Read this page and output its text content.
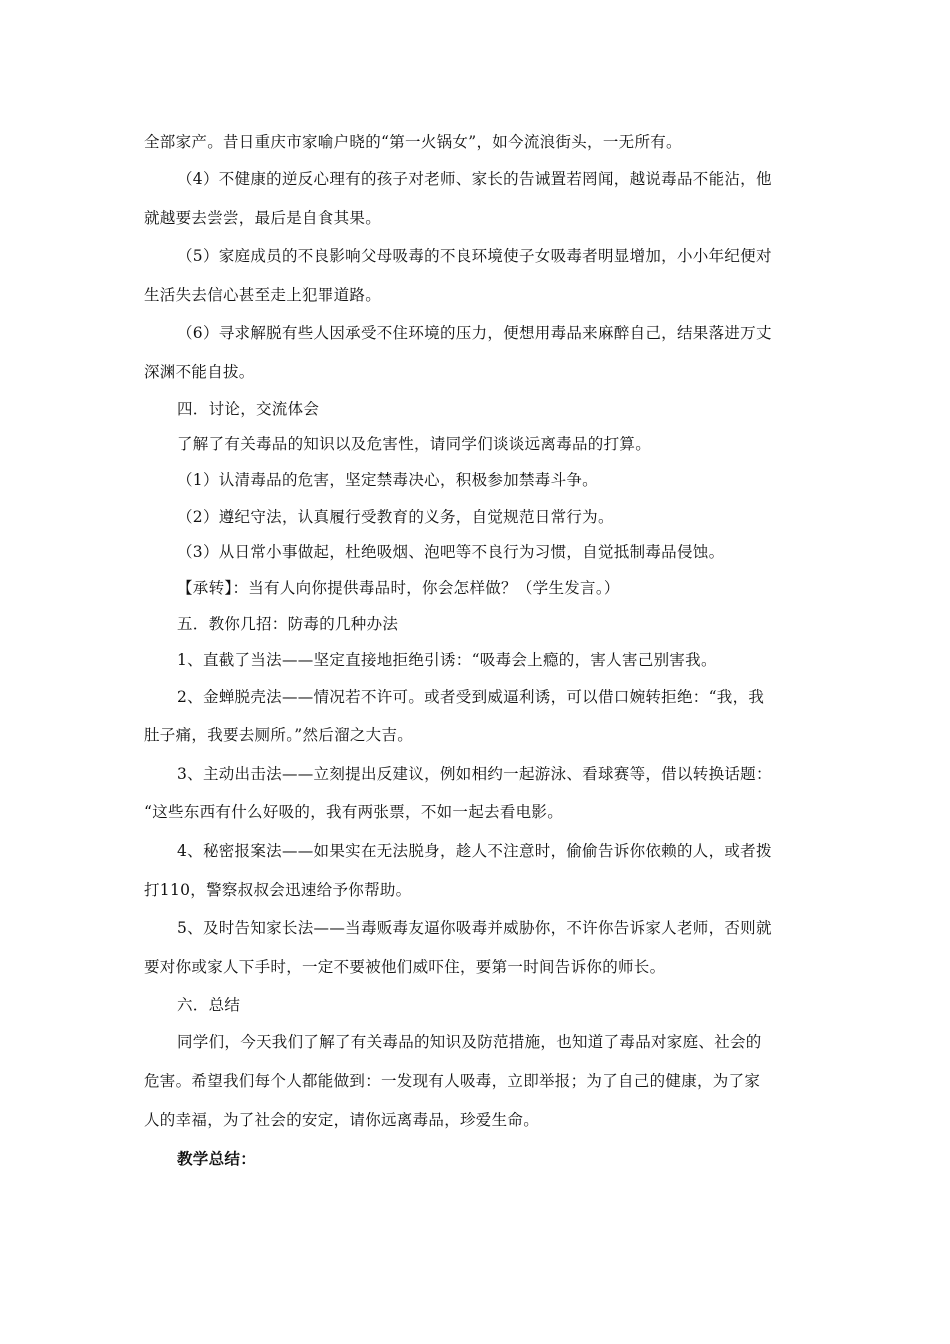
全部家产。昔日重庆市家喻户晓的“第一火锅女”，如今流浪街头，一无所有。
（4）不健康的逆反心理有的孩子对老师、家长的告诫置若罔闻，越说毒品不能沾，他
就越要去尝尝，最后是自食其果。
（5）家庭成员的不良影响父母吸毒的不良环境使子女吸毒者明显增加，小小年纪便对
生活失去信心甚至走上犯罪道路。
（6）寻求解脱有些人因承受不住环境的压力，便想用毒品来麻醉自己，结果落进万丈
深渊不能自拔。
四．讨论，交流体会
了解了有关毒品的知识以及危害性，请同学们谈谈远离毒品的打算。
（1）认清毒品的危害，坚定禁毒决心，积极参加禁毒斗争。
（2）遵纪守法，认真履行受教育的义务，自觉规范日常行为。
（3）从日常小事做起，杜绝吸烟、泡吧等不良行为习惯，自觉抵制毒品侵蚀。
【承转】：当有人向你提供毒品时，你会怎样做？（学生发言。）
五．教你几招：防毒的几种办法
1、直截了当法——坚定直接地拒绝引诱：“吸毒会上瘾的，害人害己别害我。
2、金蝉脱壳法——情况若不许可。或者受到威逼利诱，可以借口婉转拒绝：“我，我
肚子痛，我要去厕所。”然后溜之大吉。
3、主动出击法——立刻提出反建议，例如相约一起游泳、看球赛等，借以转换话题：
“这些东西有什么好吸的，我有两张票，不如一起去看电影。
4、秘密报案法——如果实在无法脱身，趁人不注意时，偷偷告诉你依赖的人，或者拨
打110，警察叔叔会迅速给予你帮助。
5、及时告知家长法——当毒贩毒友逼你吸毒并威胁你，不许你告诉家人老师，否则就
要对你或家人下手时，一定不要被他们威吓住，要第一时间告诉你的师长。
六．总结
同学们，今天我们了解了有关毒品的知识及防范措施，也知道了毒品对家庭、社会的
危害。希望我们每个人都能做到：一发现有人吸毒，立即举报；为了自己的健康，为了家
人的幸福，为了社会的安定，请你远离毒品，珍爱生命。
教学总结：
